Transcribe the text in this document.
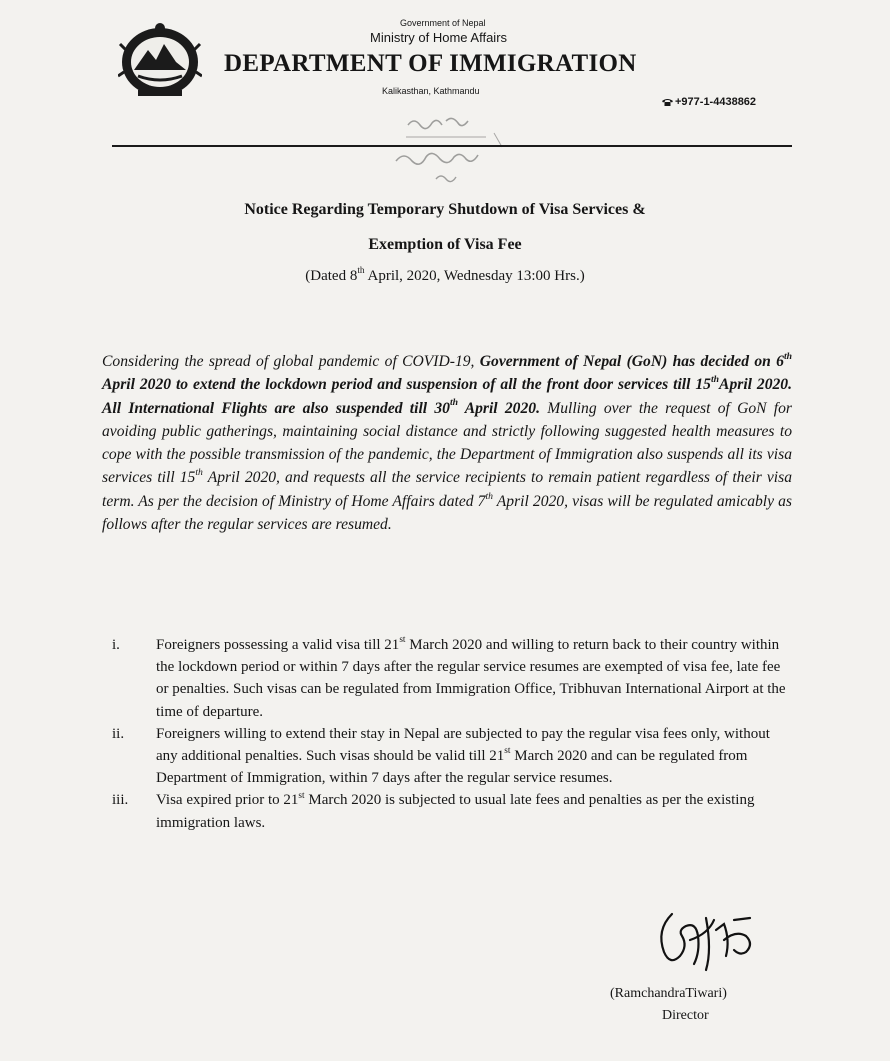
Government of Nepal
Ministry of Home Affairs
DEPARTMENT OF IMMIGRATION
Kalikasthan, Kathmandu
+977-1-4438862
Notice Regarding Temporary Shutdown of Visa Services &
Exemption of Visa Fee
(Dated 8th April, 2020, Wednesday 13:00 Hrs.)

Considering the spread of global pandemic of COVID-19, Government of Nepal (GoN) has decided on 6th April 2020 to extend the lockdown period and suspension of all the front door services till 15thApril 2020. All International Flights are also suspended till 30th April 2020. Mulling over the request of GoN for avoiding public gatherings, maintaining social distance and strictly following suggested health measures to cope with the possible transmission of the pandemic, the Department of Immigration also suspends all its visa services till 15th April 2020, and requests all the service recipients to remain patient regardless of their visa term. As per the decision of Ministry of Home Affairs dated 7th April 2020, visas will be regulated amicably as follows after the regular services are resumed.

i. Foreigners possessing a valid visa till 21st March 2020 and willing to return back to their country within the lockdown period or within 7 days after the regular service resumes are exempted of visa fee, late fee or penalties. Such visas can be regulated from Immigration Office, Tribhuvan International Airport at the time of departure.
ii. Foreigners willing to extend their stay in Nepal are subjected to pay the regular visa fees only, without any additional penalties. Such visas should be valid till 21st March 2020 and can be regulated from Department of Immigration, within 7 days after the regular service resumes.
iii. Visa expired prior to 21st March 2020 is subjected to usual late fees and penalties as per the existing immigration laws.
(RamchandraTiwari)
Director
